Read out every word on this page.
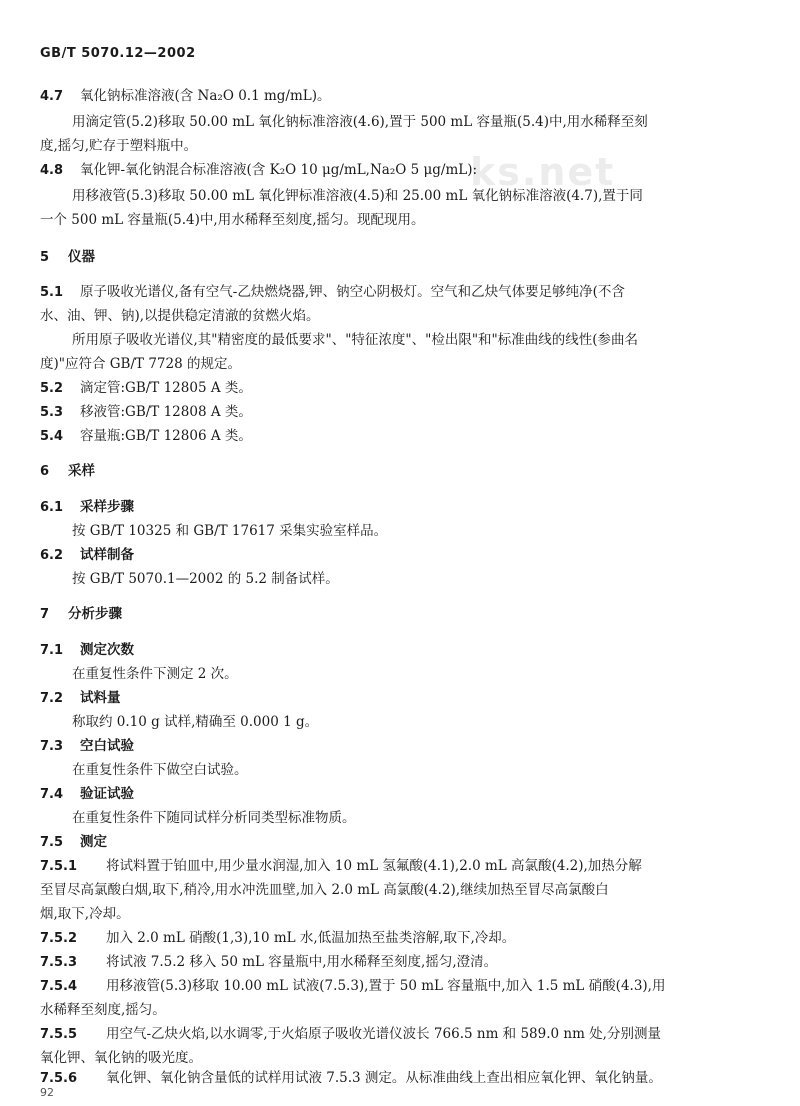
ks.net
GB/T 5070.12—2002
4.7 氧化钠标准溶液(含 Na₂O 0.1 mg/mL)。
用滴定管(5.2)移取 50.00 mL 氧化钠标准溶液(4.6),置于 500 mL 容量瓶(5.4)中,用水稀释至刻
度,摇匀,贮存于塑料瓶中。
4.8 氧化钾-氧化钠混合标准溶液(含 K₂O 10 μg/mL,Na₂O 5 μg/mL):
用移液管(5.3)移取 50.00 mL 氧化钾标准溶液(4.5)和 25.00 mL 氧化钠标准溶液(4.7),置于同
一个 500 mL 容量瓶(5.4)中,用水稀释至刻度,摇匀。现配现用。
5 仪器
5.1 原子吸收光谱仪,备有空气-乙炔燃烧器,钾、钠空心阴极灯。空气和乙炔气体要足够纯净(不含
水、油、钾、钠),以提供稳定清澈的贫燃火焰。
所用原子吸收光谱仪,其"精密度的最低要求"、"特征浓度"、"检出限"和"标准曲线的线性(参曲名
度)"应符合 GB/T 7728 的规定。
5.2 滴定管:GB/T 12805 A 类。
5.3 移液管:GB/T 12808 A 类。
5.4 容量瓶:GB/T 12806 A 类。
6 采样
6.1 采样步骤
按 GB/T 10325 和 GB/T 17617 采集实验室样品。
6.2 试样制备
按 GB/T 5070.1—2002 的 5.2 制备试样。
7 分析步骤
7.1 测定次数
在重复性条件下测定 2 次。
7.2 试料量
称取约 0.10 g 试样,精确至 0.000 1 g。
7.3 空白试验
在重复性条件下做空白试验。
7.4 验证试验
在重复性条件下随同试样分析同类型标准物质。
7.5 测定
7.5.1 将试料置于铂皿中,用少量水润湿,加入 10 mL 氢氟酸(4.1),2.0 mL 高氯酸(4.2),加热分解
至冒尽高氯酸白烟,取下,稍冷,用水冲洗皿壁,加入 2.0 mL 高氯酸(4.2),继续加热至冒尽高氯酸白
烟,取下,冷却。
7.5.2 加入 2.0 mL 硝酸(1,3),10 mL 水,低温加热至盐类溶解,取下,冷却。
7.5.3 将试液 7.5.2 移入 50 mL 容量瓶中,用水稀释至刻度,摇匀,澄清。
7.5.4 用移液管(5.3)移取 10.00 mL 试液(7.5.3),置于 50 mL 容量瓶中,加入 1.5 mL 硝酸(4.3),用
水稀释至刻度,摇匀。
7.5.5 用空气-乙炔火焰,以水调零,于火焰原子吸收光谱仪波长 766.5 nm 和 589.0 nm 处,分别测量
氧化钾、氧化钠的吸光度。
7.5.6 氧化钾、氧化钠含量低的试样用试液 7.5.3 测定。从标准曲线上查出相应氧化钾、氧化钠量。
92
